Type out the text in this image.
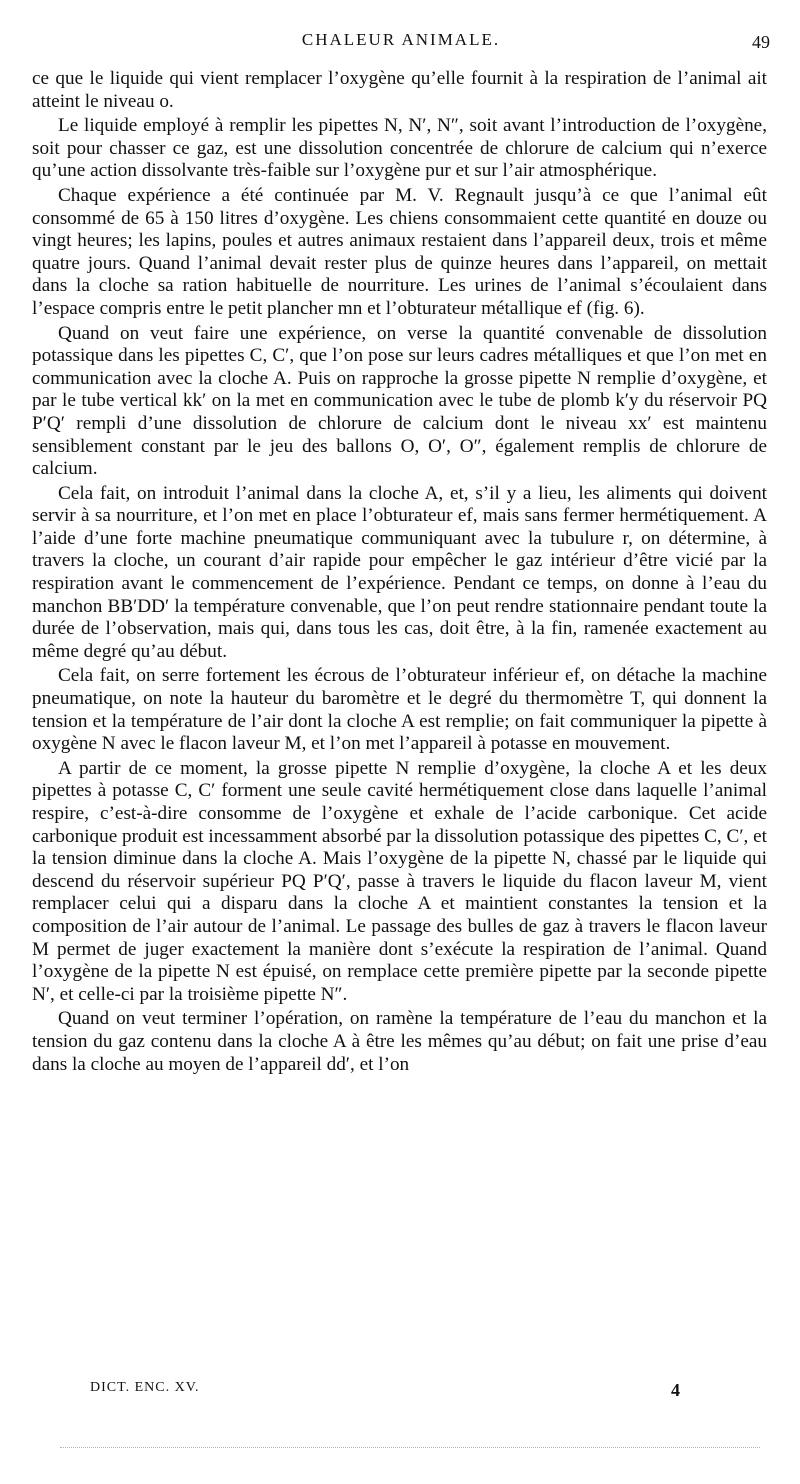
CHALEUR ANIMALE.	49

ce que le liquide qui vient remplacer l’oxygène qu’elle fournit à la respiration de l’animal ait atteint le niveau o.

Le liquide employé à remplir les pipettes N, N′, N″, soit avant l’introduction de l’oxygène, soit pour chasser ce gaz, est une dissolution concentrée de chlorure de calcium qui n’exerce qu’une action dissolvante très-faible sur l’oxygène pur et sur l’air atmosphérique.

Chaque expérience a été continuée par M. V. Regnault jusqu’à ce que l’animal eût consommé de 65 à 150 litres d’oxygène. Les chiens consommaient cette quantité en douze ou vingt heures; les lapins, poules et autres animaux restaient dans l’appareil deux, trois et même quatre jours. Quand l’animal devait rester plus de quinze heures dans l’appareil, on mettait dans la cloche sa ration habituelle de nourriture. Les urines de l’animal s’écoulaient dans l’espace compris entre le petit plancher mn et l’obturateur métallique ef (fig. 6).

Quand on veut faire une expérience, on verse la quantité convenable de dissolution potassique dans les pipettes C, C′, que l’on pose sur leurs cadres métalliques et que l’on met en communication avec la cloche A. Puis on rapproche la grosse pipette N remplie d’oxygène, et par le tube vertical kk′ on la met en communication avec le tube de plomb k′y du réservoir PQ P′Q′ rempli d’une dissolution de chlorure de calcium dont le niveau xx′ est maintenu sensiblement constant par le jeu des ballons O, O′, O″, également remplis de chlorure de calcium.

Cela fait, on introduit l’animal dans la cloche A, et, s’il y a lieu, les aliments qui doivent servir à sa nourriture, et l’on met en place l’obturateur ef, mais sans fermer hermétiquement. A l’aide d’une forte machine pneumatique communiquant avec la tubulure r, on détermine, à travers la cloche, un courant d’air rapide pour empêcher le gaz intérieur d’être vicié par la respiration avant le commencement de l’expérience. Pendant ce temps, on donne à l’eau du manchon BB′DD′ la température convenable, que l’on peut rendre stationnaire pendant toute la durée de l’observation, mais qui, dans tous les cas, doit être, à la fin, ramenée exactement au même degré qu’au début.

Cela fait, on serre fortement les écrous de l’obturateur inférieur ef, on détache la machine pneumatique, on note la hauteur du baromètre et le degré du thermomètre T, qui donnent la tension et la température de l’air dont la cloche A est remplie; on fait communiquer la pipette à oxygène N avec le flacon laveur M, et l’on met l’appareil à potasse en mouvement.

A partir de ce moment, la grosse pipette N remplie d’oxygène, la cloche A et les deux pipettes à potasse C, C′ forment une seule cavité hermétiquement close dans laquelle l’animal respire, c’est-à-dire consomme de l’oxygène et exhale de l’acide carbonique. Cet acide carbonique produit est incessamment absorbé par la dissolution potassique des pipettes C, C′, et la tension diminue dans la cloche A. Mais l’oxygène de la pipette N, chassé par le liquide qui descend du réservoir supérieur PQ P′Q′, passe à travers le liquide du flacon laveur M, vient remplacer celui qui a disparu dans la cloche A et maintient constantes la tension et la composition de l’air autour de l’animal. Le passage des bulles de gaz à travers le flacon laveur M permet de juger exactement la manière dont s’exécute la respiration de l’animal. Quand l’oxygène de la pipette N est épuisé, on remplace cette première pipette par la seconde pipette N′, et celle-ci par la troisième pipette N″.

Quand on veut terminer l’opération, on ramène la température de l’eau du manchon et la tension du gaz contenu dans la cloche A à être les mêmes qu’au début; on fait une prise d’eau dans la cloche au moyen de l’appareil dd′, et l’on

DICT. ENC. XV.	4
